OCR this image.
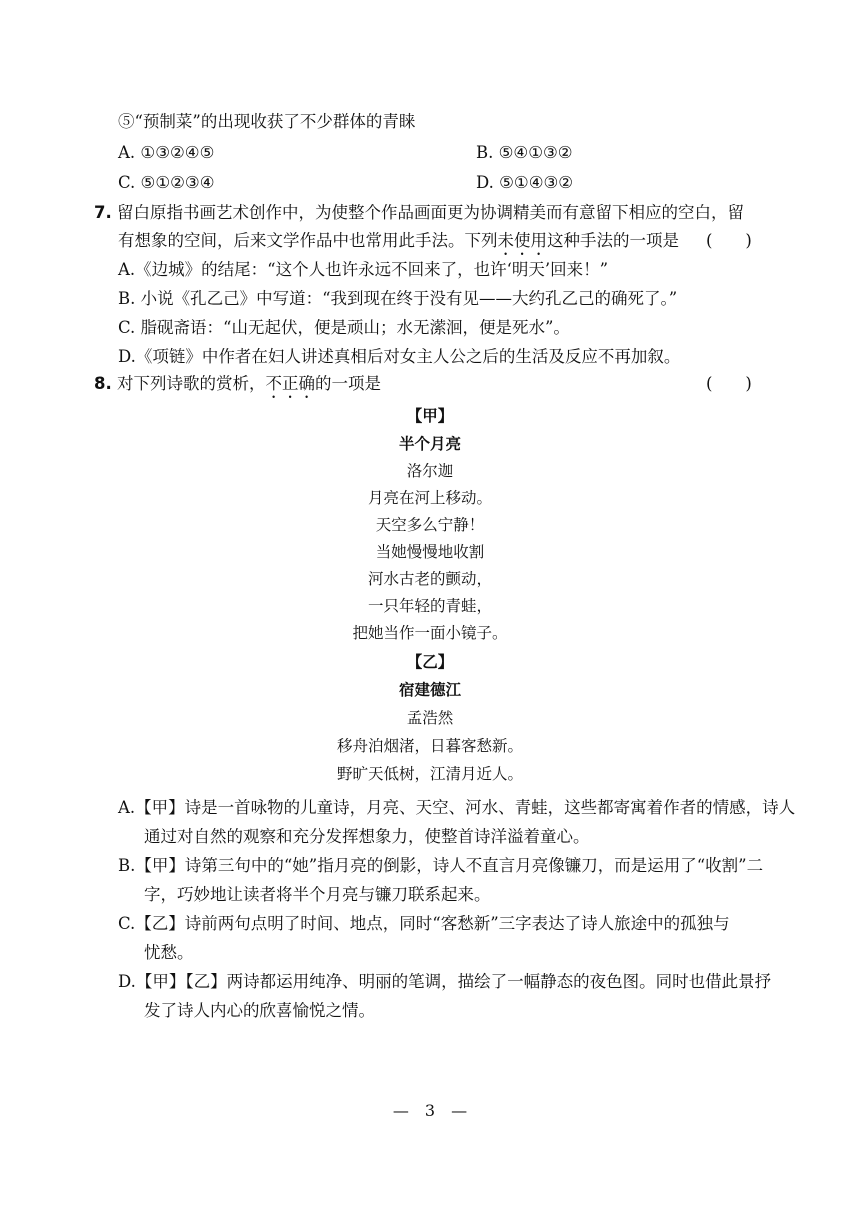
⑤“预制菜”的出现收获了不少群体的青睐
A. ①③②④⑤	B. ⑤④①③②
C. ⑤①②③④	D. ⑤①④③②
7. 留白原指书画艺术创作中，为使整个作品画面更为协调精美而有意留下相应的空白，留
有想象的空间，后来文学作品中也常用此手法。下列未使用这种手法的一项是 (　　)
A.《边城》的结尾：“这个人也许永远不回来了，也许‘明天’回来！”
B. 小说《孔乙己》中写道：“我到现在终于没有见——大约孔乙己的确死了。”
C. 脂砚斋语：“山无起伏，便是顽山；水无潆洄，便是死水”。
D.《项链》中作者在妇人讲述真相后对女主人公之后的生活及反应不再加叙。
8. 对下列诗歌的赏析，不正确的一项是	(　　)
【甲】
半个月亮
洛尔迦
月亮在河上移动。
天空多么宁静！
当她慢慢地收割
河水古老的颤动，
一只年轻的青蛙，
把她当作一面小镜子。
【乙】
宿建德江
孟浩然
移舟泊烟渚，日暮客愁新。
野旷天低树，江清月近人。
A.【甲】诗是一首咏物的儿童诗，月亮、天空、河水、青蛙，这些都寄寓着作者的情感，诗人
通过对自然的观察和充分发挥想象力，使整首诗洋溢着童心。
B.【甲】诗第三句中的“她”指月亮的倒影，诗人不直言月亮像镰刀，而是运用了“收割”二
字，巧妙地让读者将半个月亮与镰刀联系起来。
C.【乙】诗前两句点明了时间、地点，同时“客愁新”三字表达了诗人旅途中的孤独与
忧愁。
D.【甲】【乙】两诗都运用纯净、明丽的笔调，描绘了一幅静态的夜色图。同时也借此景抒
发了诗人内心的欣喜愉悦之情。
—　3　—
